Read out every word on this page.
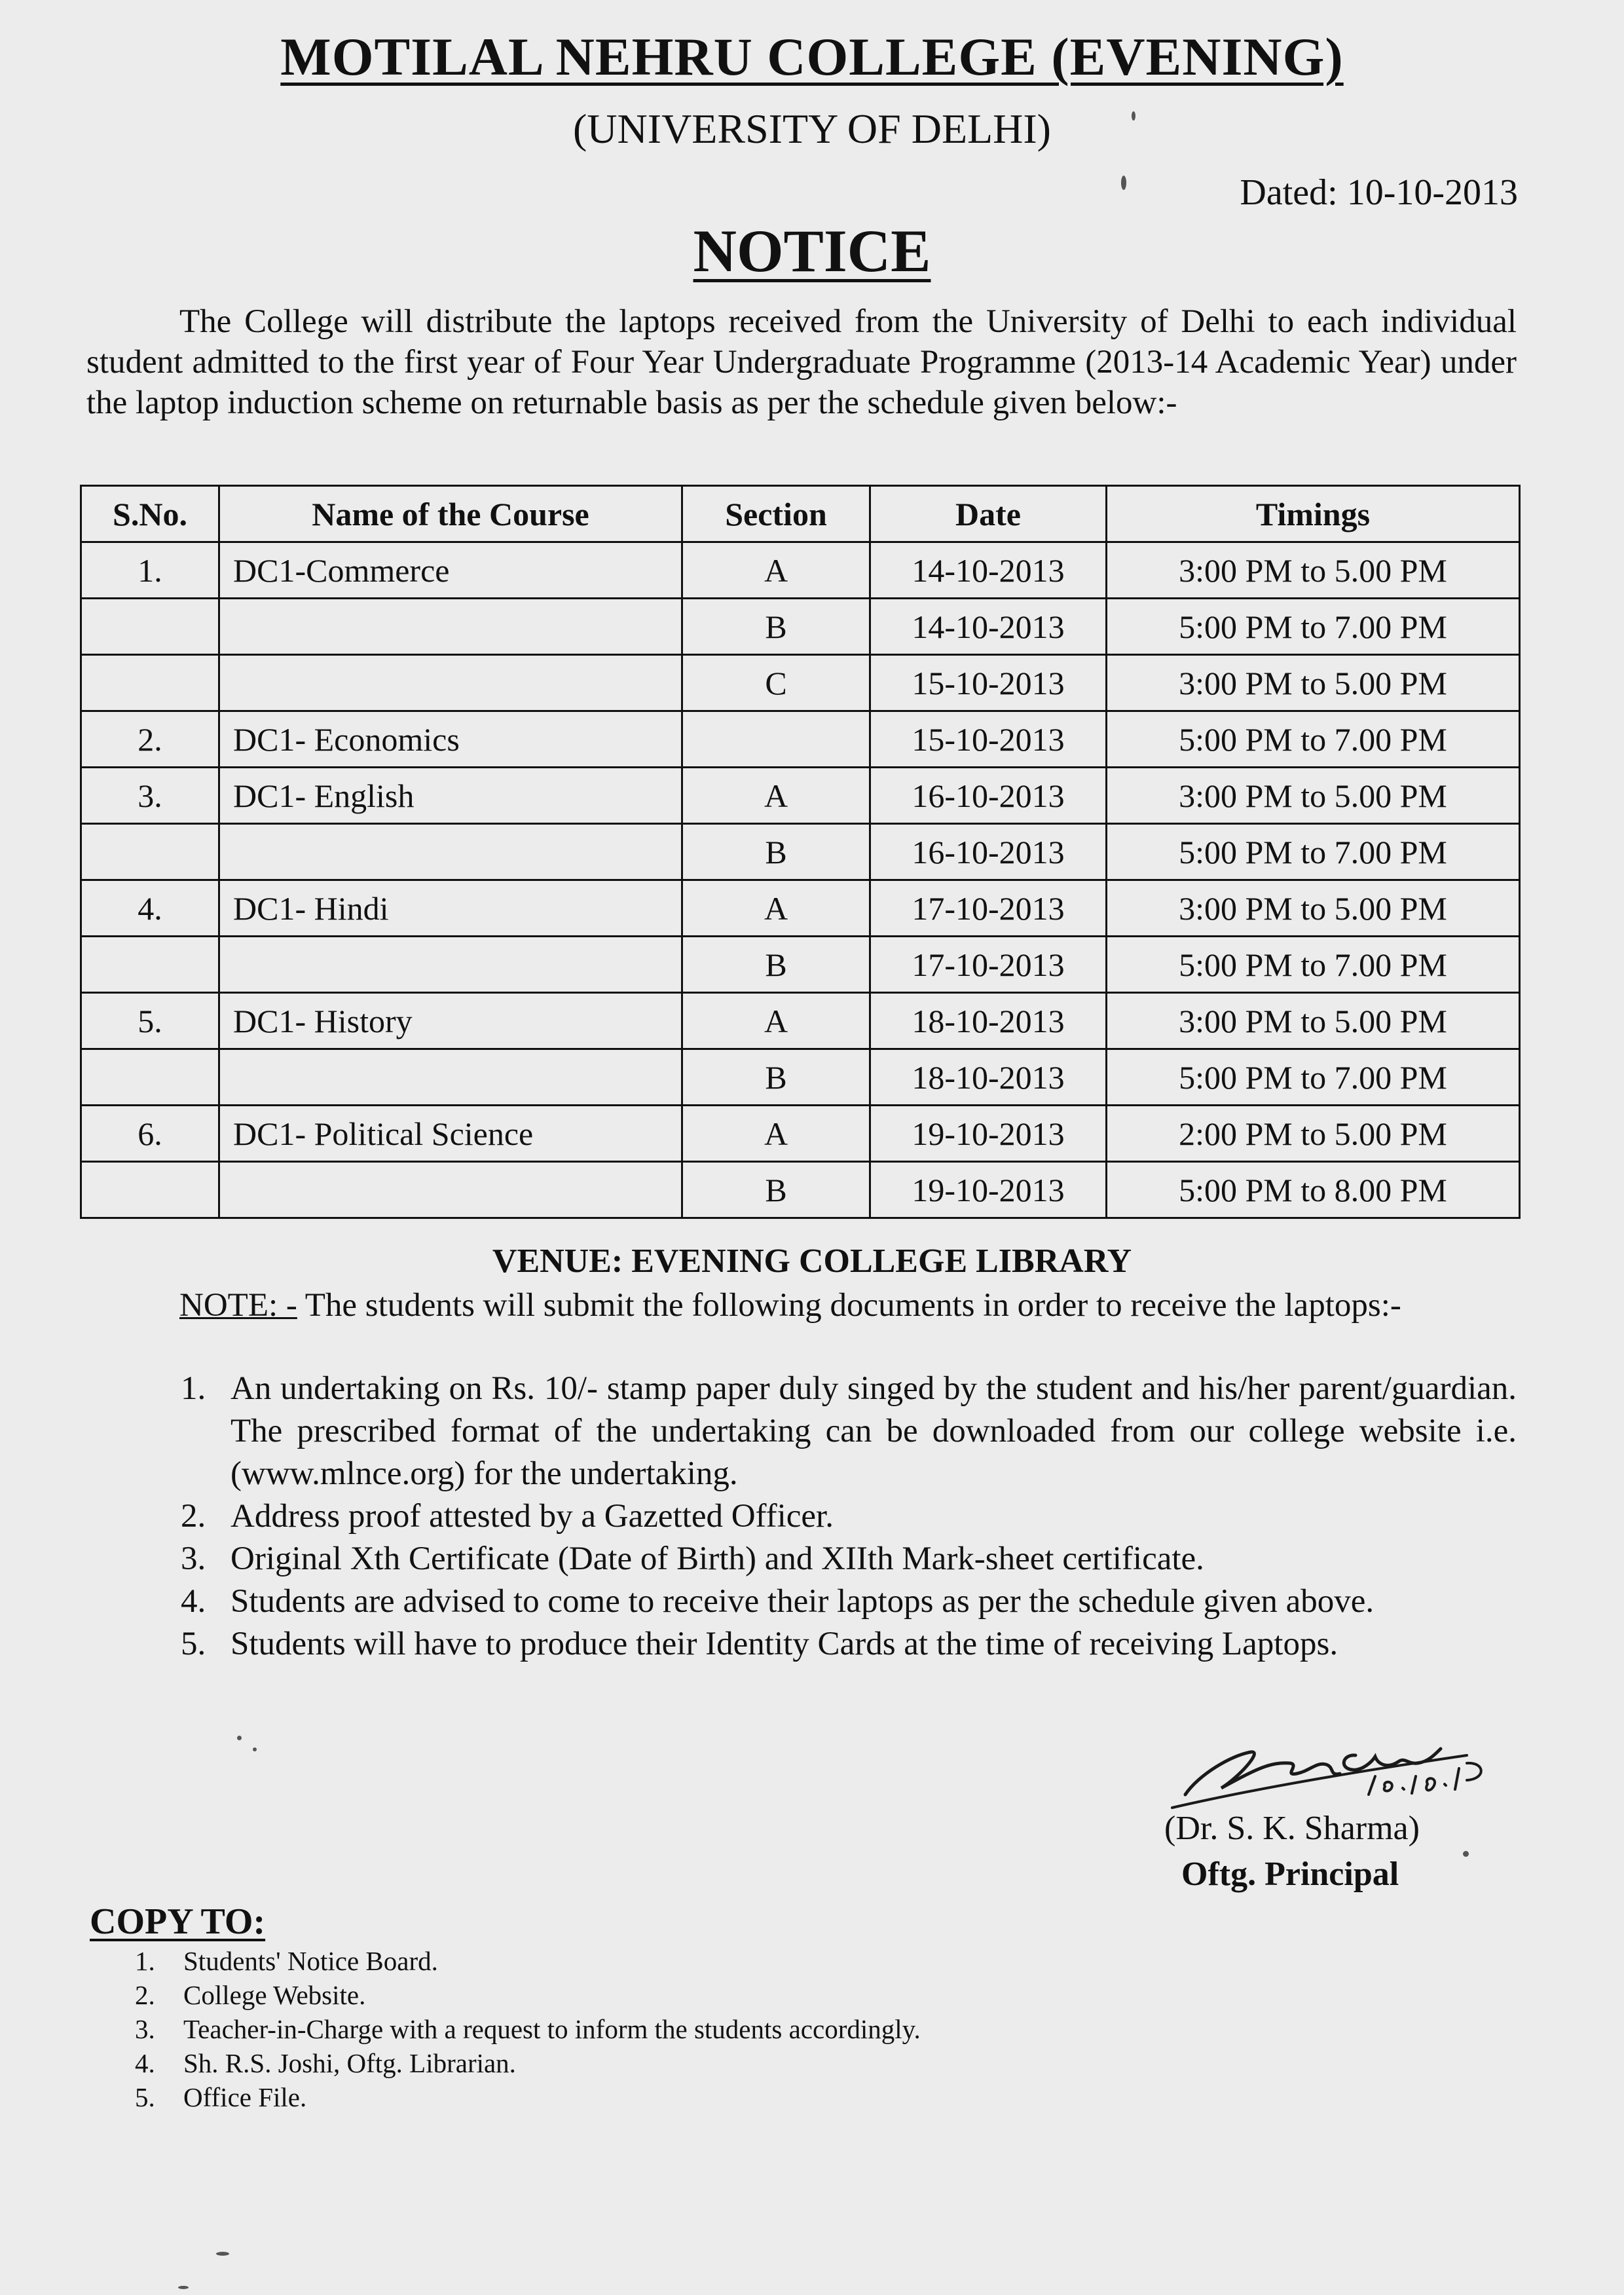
MOTILAL NEHRU COLLEGE (EVENING)
(UNIVERSITY OF DELHI)
Dated: 10-10-2013
NOTICE
The College will distribute the laptops received from the University of Delhi to each individual student admitted to the first year of Four Year Undergraduate Programme (2013-14 Academic Year) under the laptop induction scheme on returnable basis as per the schedule given below:-
S.No.	Name of the Course	Section	Date	Timings
1.	DC1-Commerce	A	14-10-2013	3:00 PM to 5.00 PM
		B	14-10-2013	5:00 PM to 7.00 PM
		C	15-10-2013	3:00 PM to 5.00 PM
2.	DC1- Economics		15-10-2013	5:00 PM to 7.00 PM
3.	DC1- English	A	16-10-2013	3:00 PM to 5.00 PM
		B	16-10-2013	5:00 PM to 7.00 PM
4.	DC1- Hindi	A	17-10-2013	3:00 PM to 5.00 PM
		B	17-10-2013	5:00 PM to 7.00 PM
5.	DC1- History	A	18-10-2013	3:00 PM to 5.00 PM
		B	18-10-2013	5:00 PM to 7.00 PM
6.	DC1- Political Science	A	19-10-2013	2:00 PM to 5.00 PM
		B	19-10-2013	5:00 PM to 8.00 PM
VENUE: EVENING COLLEGE LIBRARY
NOTE: - The students will submit the following documents in order to receive the laptops:-
1. An undertaking on Rs. 10/- stamp paper duly singed by the student and his/her parent/guardian. The prescribed format of the undertaking can be downloaded from our college website i.e. (www.mlnce.org) for the undertaking.
2. Address proof attested by a Gazetted Officer.
3. Original Xth Certificate (Date of Birth) and XIIth Mark-sheet certificate.
4. Students are advised to come to receive their laptops as per the schedule given above.
5. Students will have to produce their Identity Cards at the time of receiving Laptops.
(Dr. S. K. Sharma)
Oftg. Principal
COPY TO:
1. Students' Notice Board.
2. College Website.
3. Teacher-in-Charge with a request to inform the students accordingly.
4. Sh. R.S. Joshi, Oftg. Librarian.
5. Office File.
